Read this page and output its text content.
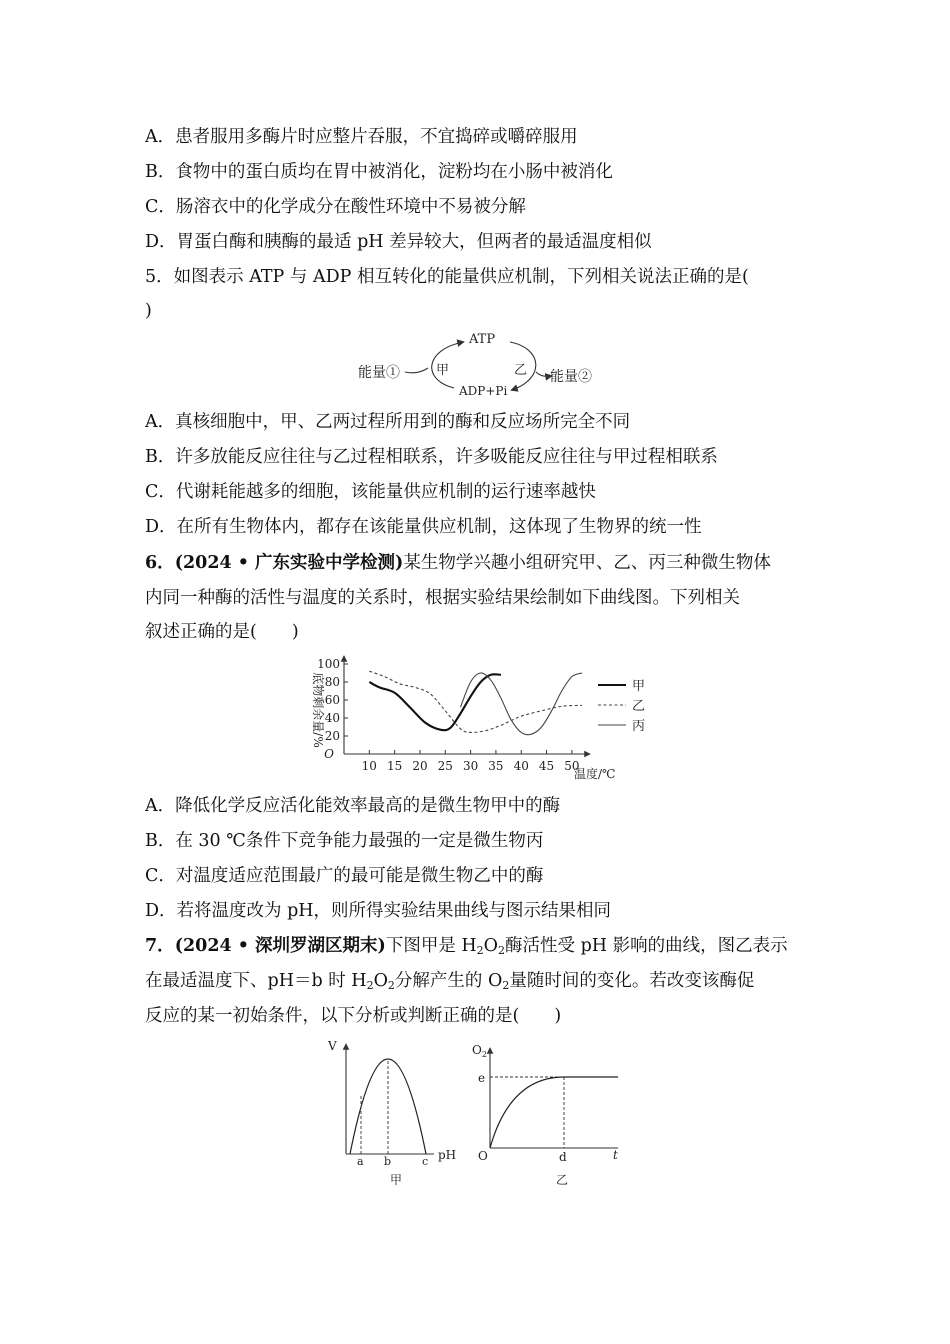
A．患者服用多酶片时应整片吞服，不宜捣碎或嚼碎服用
B．食物中的蛋白质均在胃中被消化，淀粉均在小肠中被消化
C．肠溶衣中的化学成分在酸性环境中不易被分解
D．胃蛋白酶和胰酶的最适 pH 差异较大，但两者的最适温度相似
5．如图表示 ATP 与 ADP 相互转化的能量供应机制，下列相关说法正确的是(
)
ATP
ADP+Pi
甲	乙
能量①	能量②
A．真核细胞中，甲、乙两过程所用到的酶和反应场所完全不同
B．许多放能反应往往与乙过程相联系，许多吸能反应往往与甲过程相联系
C．代谢耗能越多的细胞，该能量供应机制的运行速率越快
D．在所有生物体内，都存在该能量供应机制，这体现了生物界的统一性
6．(2024 • 广东实验中学检测)某生物学兴趣小组研究甲、乙、丙三种微生物体
内同一种酶的活性与温度的关系时，根据实验结果绘制如下曲线图。下列相关
叙述正确的是(　　)
20
40
60
80
100
10 15 20 25 30 35 40 45 50
O
温度/℃
底物剩余量/%	甲
乙
丙
A．降低化学反应活化能效率最高的是微生物甲中的酶
B．在 30 ℃条件下竞争能力最强的一定是微生物丙
C．对温度适应范围最广的最可能是微生物乙中的酶
D．若将温度改为 pH，则所得实验结果曲线与图示结果相同
7．(2024 • 深圳罗湖区期末)下图甲是 $H_2O_2$酶活性受 pH 影响的曲线，图乙表示
在最适温度下、pH＝b 时 $H_2O_2$分解产生的 $O_2$量随时间的变化。若改变该酶促
反应的某一初始条件，以下分析或判断正确的是(　　)
V
pH
a b	c
甲
$O_2$
t
O
e
d
乙
